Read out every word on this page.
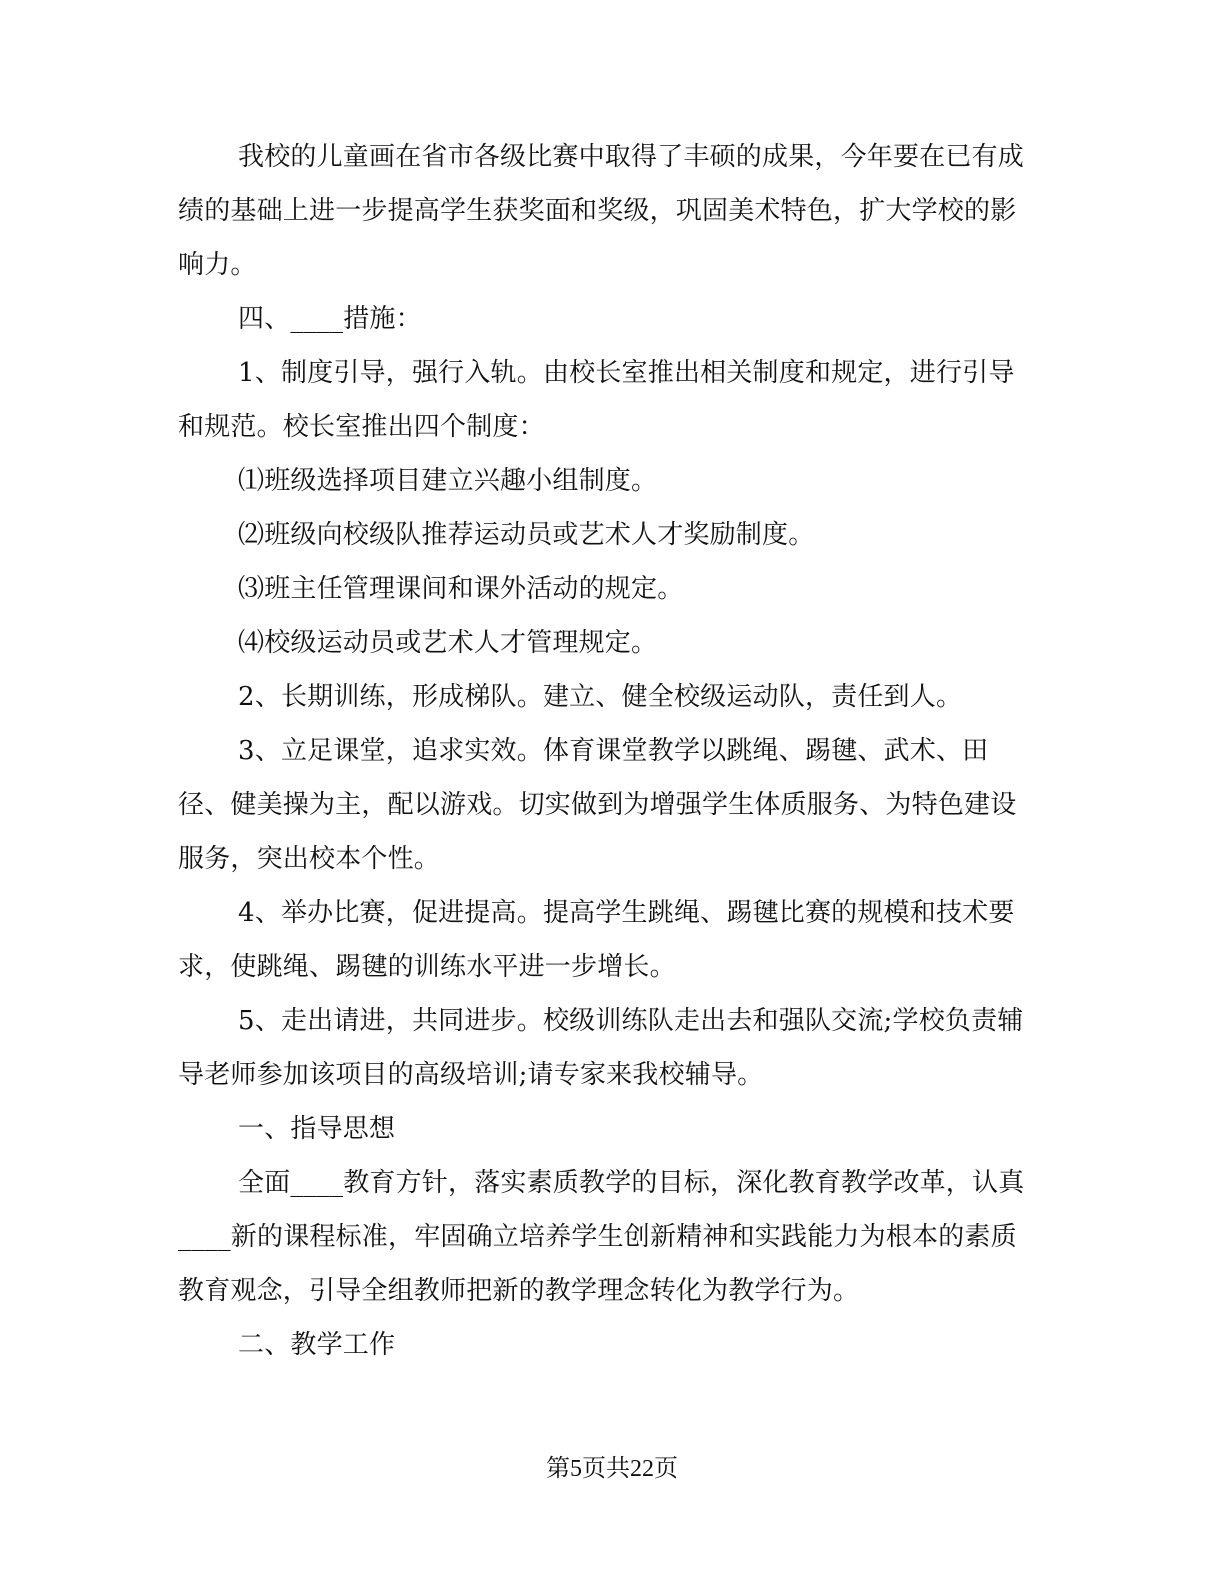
我校的儿童画在省市各级比赛中取得了丰硕的成果，今年要在已有成绩的基础上进一步提高学生获奖面和奖级，巩固美术特色，扩大学校的影响力。

四、____措施：

1、制度引导，强行入轨。由校长室推出相关制度和规定，进行引导和规范。校长室推出四个制度：

⑴班级选择项目建立兴趣小组制度。

⑵班级向校级队推荐运动员或艺术人才奖励制度。

⑶班主任管理课间和课外活动的规定。

⑷校级运动员或艺术人才管理规定。

2、长期训练，形成梯队。建立、健全校级运动队，责任到人。

3、立足课堂，追求实效。体育课堂教学以跳绳、踢毽、武术、田径、健美操为主，配以游戏。切实做到为增强学生体质服务、为特色建设服务，突出校本个性。

4、举办比赛，促进提高。提高学生跳绳、踢毽比赛的规模和技术要求，使跳绳、踢毽的训练水平进一步增长。

5、走出请进，共同进步。校级训练队走出去和强队交流;学校负责辅导老师参加该项目的高级培训;请专家来我校辅导。

一、指导思想

全面____教育方针，落实素质教学的目标，深化教育教学改革，认真____新的课程标准，牢固确立培养学生创新精神和实践能力为根本的素质教育观念，引导全组教师把新的教学理念转化为教学行为。

二、教学工作

第5页共22页
